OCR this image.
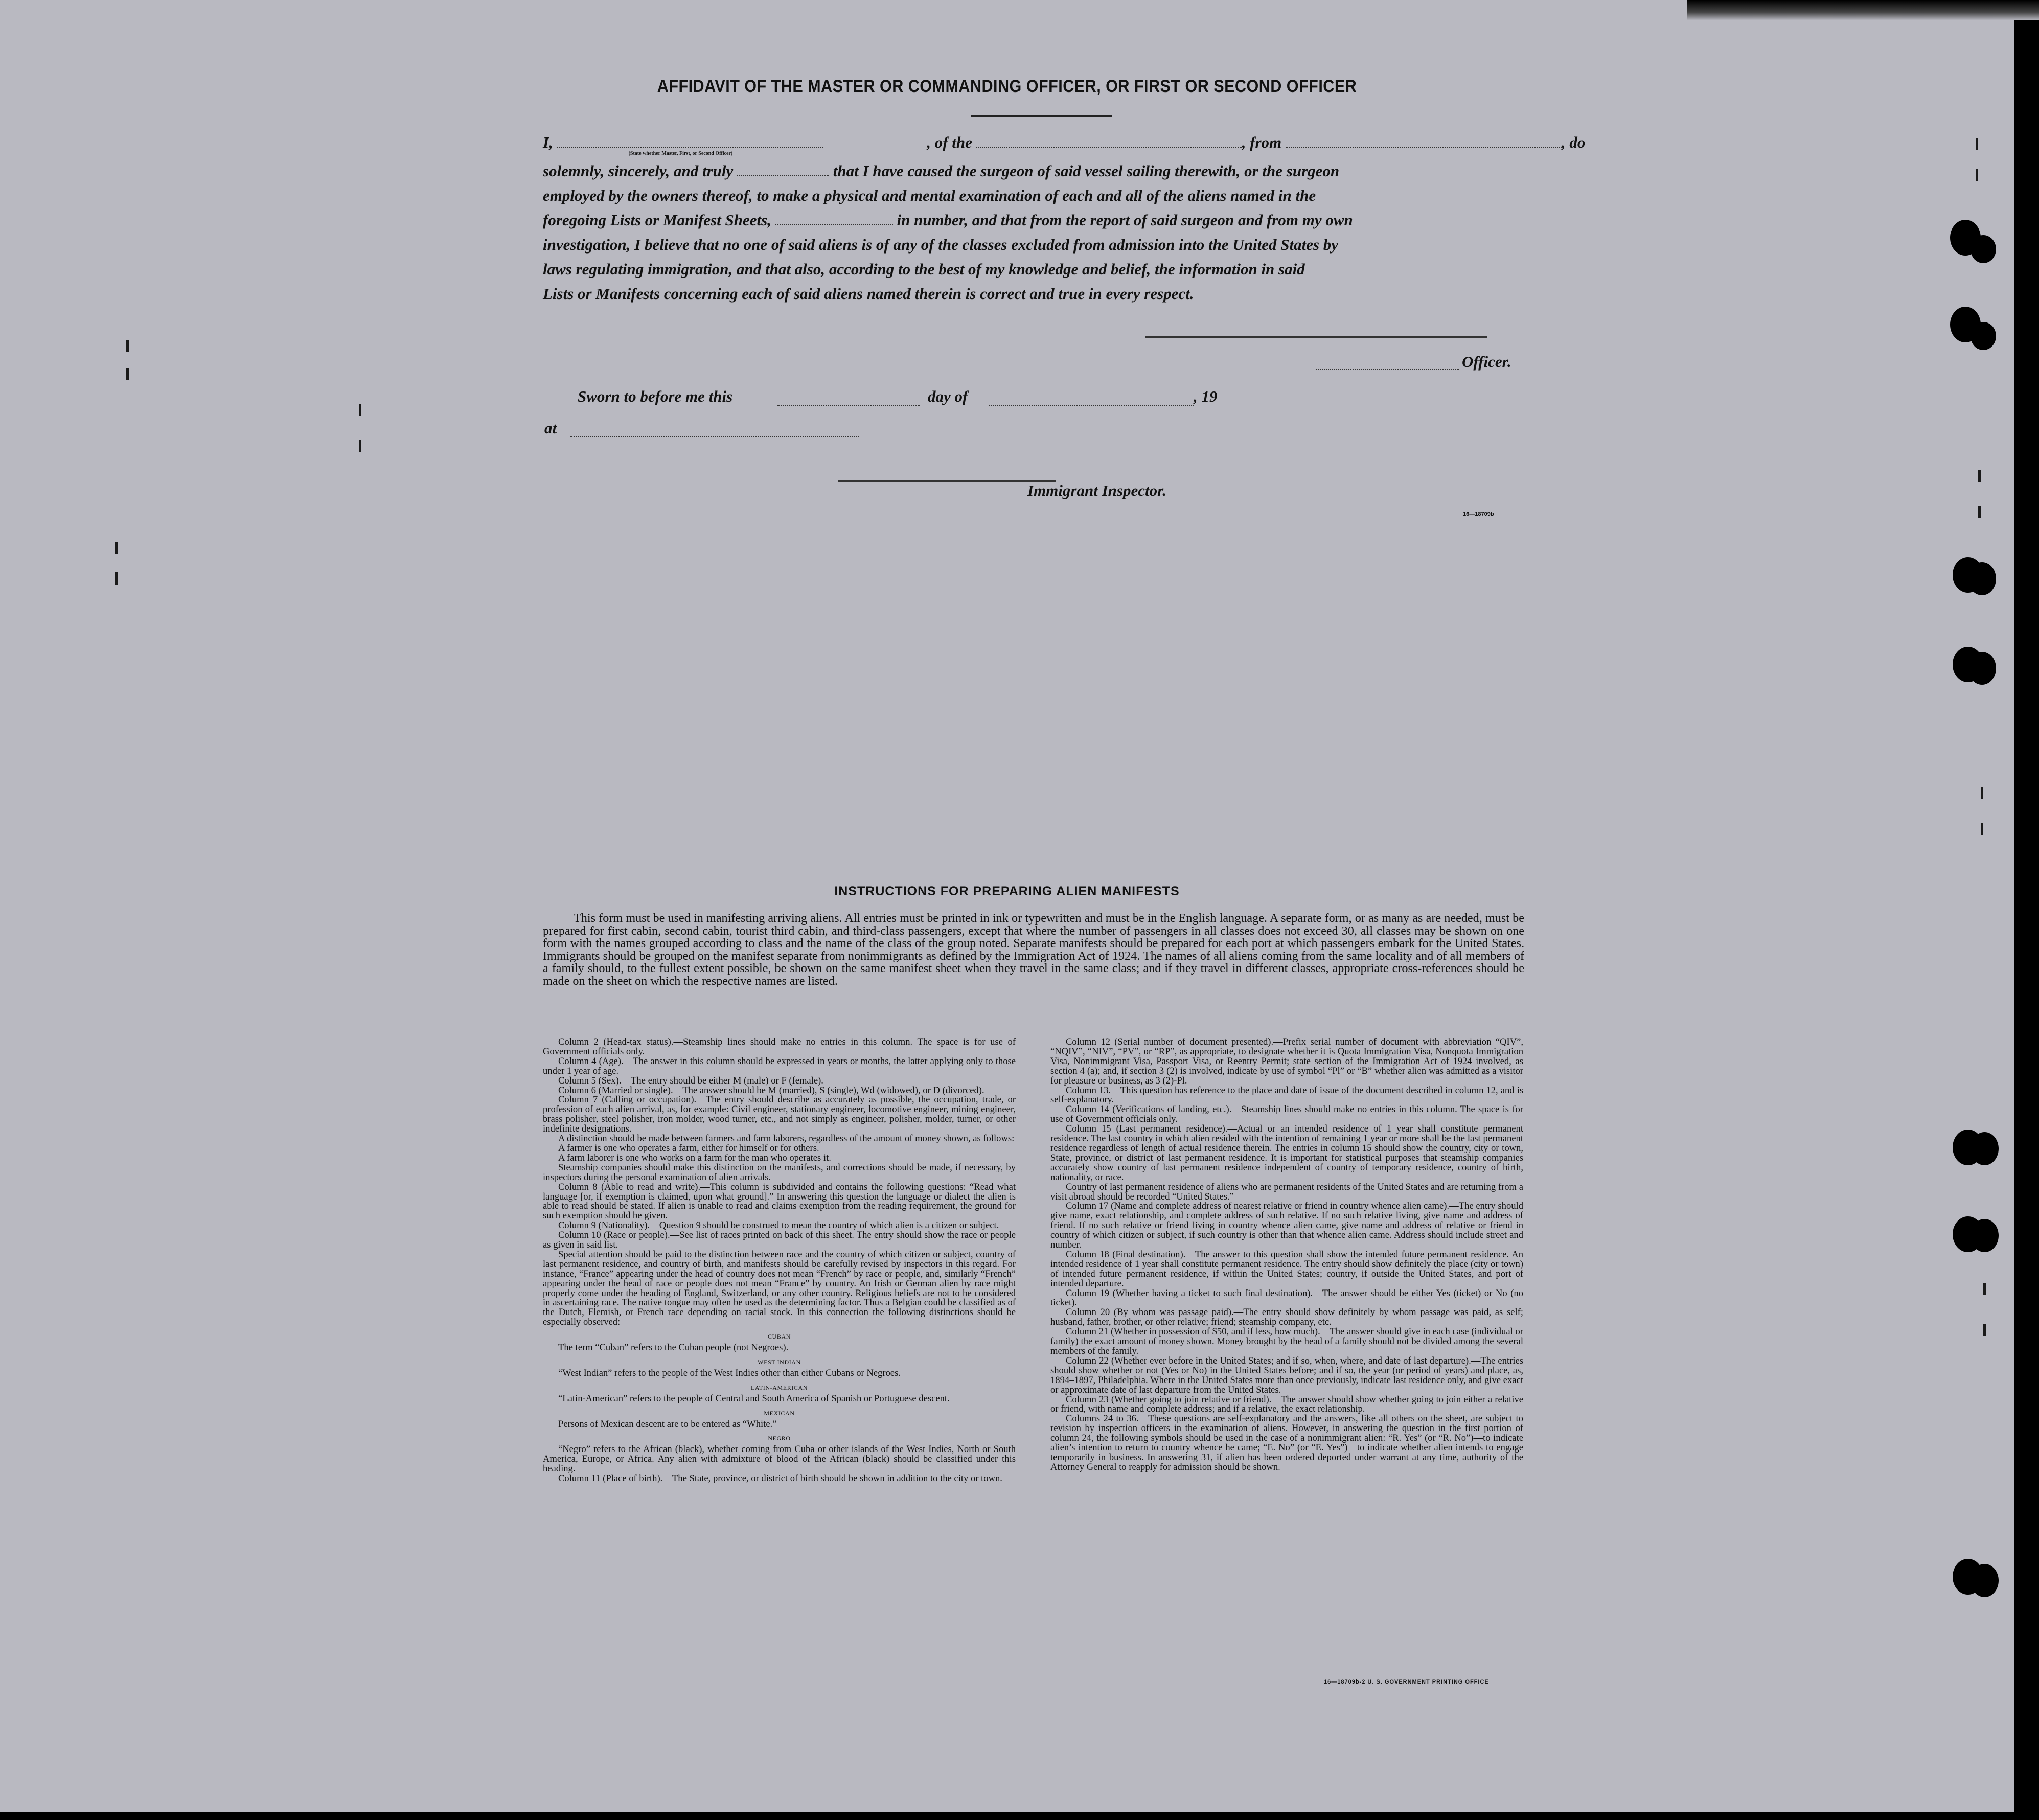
AFFIDAVIT OF THE MASTER OR COMMANDING OFFICER, OR FIRST OR SECOND OFFICER
I, $_{(State whether Master, First, or Second Officer)}$, of the	, from	, do
solemnly, sincerely, and truly	that I have caused the surgeon of said vessel sailing therewith, or the surgeon
employed by the owners thereof, to make a physical and mental examination of each and all of the aliens named in the
foregoing Lists or Manifest Sheets,	in number, and that from the report of said surgeon and from my own
investigation, I believe that no one of said aliens is of any of the classes excluded from admission into the United States by
laws regulating immigration, and that also, according to the best of my knowledge and belief, the information in said
Lists or Manifests concerning each of said aliens named therein is correct and true in every respect.
Officer.
Sworn to before me this	day of	, 19
at
Immigrant Inspector.
16—18709b
INSTRUCTIONS FOR PREPARING ALIEN MANIFESTS
This form must be used in manifesting arriving aliens. All entries must be printed in ink or typewritten and must be in the English language. A separate form, or as many as are needed, must be prepared for first cabin, second cabin, tourist third cabin, and third-class passengers, except that where the number of passengers in all classes does not exceed 30, all classes may be shown on one form with the names grouped according to class and the name of the class of the group noted. Separate manifests should be prepared for each port at which passengers embark for the United States. Immigrants should be grouped on the manifest separate from nonimmigrants as defined by the Immigration Act of 1924. The names of all aliens coming from the same locality and of all members of a family should, to the fullest extent possible, be shown on the same manifest sheet when they travel in the same class; and if they travel in different classes, appropriate cross-references should be made on the sheet on which the respective names are listed.

Column 2 (Head-tax status).—Steamship lines should make no entries in this column. The space is for use of Government officials only.

Column 4 (Age).—The answer in this column should be expressed in years or months, the latter applying only to those under 1 year of age.

Column 5 (Sex).—The entry should be either M (male) or F (female).

Column 6 (Married or single).—The answer should be M (married), S (single), Wd (widowed), or D (divorced).

Column 7 (Calling or occupation).—The entry should describe as accurately as possible, the occupation, trade, or profession of each alien arrival, as, for example: Civil engineer, stationary engineer, locomotive engineer, mining engineer, brass polisher, steel polisher, iron molder, wood turner, etc., and not simply as engineer, polisher, molder, turner, or other indefinite designations.

A distinction should be made between farmers and farm laborers, regardless of the amount of money shown, as follows:

A farmer is one who operates a farm, either for himself or for others.

A farm laborer is one who works on a farm for the man who operates it.

Steamship companies should make this distinction on the manifests, and corrections should be made, if necessary, by inspectors during the personal examination of alien arrivals.

Column 8 (Able to read and write).—This column is subdivided and contains the following questions: “Read what language [or, if exemption is claimed, upon what ground].” In answering this question the language or dialect the alien is able to read should be stated. If alien is unable to read and claims exemption from the reading requirement, the ground for such exemption should be given.

Column 9 (Nationality).—Question 9 should be construed to mean the country of which alien is a citizen or subject.

Column 10 (Race or people).—See list of races printed on back of this sheet. The entry should show the race or people as given in said list.

Special attention should be paid to the distinction between race and the country of which citizen or subject, country of last permanent residence, and country of birth, and manifests should be carefully revised by inspectors in this regard. For instance, “France” appearing under the head of country does not mean “French” by race or people, and, similarly “French” appearing under the head of race or people does not mean “France” by country. An Irish or German alien by race might properly come under the heading of England, Switzerland, or any other country. Religious beliefs are not to be considered in ascertaining race. The native tongue may often be used as the determining factor. Thus a Belgian could be classified as of the Dutch, Flemish, or French race depending on racial stock. In this connection the following distinctions should be especially observed:

CUBAN

The term “Cuban” refers to the Cuban people (not Negroes).

WEST INDIAN

“West Indian” refers to the people of the West Indies other than either Cubans or Negroes.

LATIN-AMERICAN

“Latin-American” refers to the people of Central and South America of Spanish or Portuguese descent.

MEXICAN

Persons of Mexican descent are to be entered as “White.”

NEGRO

“Negro” refers to the African (black), whether coming from Cuba or other islands of the West Indies, North or South America, Europe, or Africa. Any alien with admixture of blood of the African (black) should be classified under this heading.

Column 11 (Place of birth).—The State, province, or district of birth should be shown in addition to the city or town.

Column 12 (Serial number of document presented).—Prefix serial number of document with abbreviation “QIV”, “NQIV”, “NIV”, “PV”, or “RP”, as appropriate, to designate whether it is Quota Immigration Visa, Nonquota Immigration Visa, Nonimmigrant Visa, Passport Visa, or Reentry Permit; state section of the Immigration Act of 1924 involved, as section 4 (a); and, if section 3 (2) is involved, indicate by use of symbol “Pl” or “B” whether alien was admitted as a visitor for pleasure or business, as 3 (2)-Pl.

Column 13.—This question has reference to the place and date of issue of the document described in column 12, and is self-explanatory.

Column 14 (Verifications of landing, etc.).—Steamship lines should make no entries in this column. The space is for use of Government officials only.

Column 15 (Last permanent residence).—Actual or an intended residence of 1 year shall constitute permanent residence. The last country in which alien resided with the intention of remaining 1 year or more shall be the last permanent residence regardless of length of actual residence therein. The entries in column 15 should show the country, city or town, State, province, or district of last permanent residence. It is important for statistical purposes that steamship companies accurately show country of last permanent residence independent of country of temporary residence, country of birth, nationality, or race.

Country of last permanent residence of aliens who are permanent residents of the United States and are returning from a visit abroad should be recorded “United States.”

Column 17 (Name and complete address of nearest relative or friend in country whence alien came).—The entry should give name, exact relationship, and complete address of such relative. If no such relative living, give name and address of friend. If no such relative or friend living in country whence alien came, give name and address of relative or friend in country of which citizen or subject, if such country is other than that whence alien came. Address should include street and number.

Column 18 (Final destination).—The answer to this question shall show the intended future permanent residence. An intended residence of 1 year shall constitute permanent residence. The entry should show definitely the place (city or town) of intended future permanent residence, if within the United States; country, if outside the United States, and port of intended departure.

Column 19 (Whether having a ticket to such final destination).—The answer should be either Yes (ticket) or No (no ticket).

Column 20 (By whom was passage paid).—The entry should show definitely by whom passage was paid, as self; husband, father, brother, or other relative; friend; steamship company, etc.

Column 21 (Whether in possession of $50, and if less, how much).—The answer should give in each case (individual or family) the exact amount of money shown. Money brought by the head of a family should not be divided among the several members of the family.

Column 22 (Whether ever before in the United States; and if so, when, where, and date of last departure).—The entries should show whether or not (Yes or No) in the United States before; and if so, the year (or period of years) and place, as, 1894–1897, Philadelphia. Where in the United States more than once previously, indicate last residence only, and give exact or approximate date of last departure from the United States.

Column 23 (Whether going to join relative or friend).—The answer should show whether going to join either a relative or friend, with name and complete address; and if a relative, the exact relationship.

Columns 24 to 36.—These questions are self-explanatory and the answers, like all others on the sheet, are subject to revision by inspection officers in the examination of aliens. However, in answering the question in the first portion of column 24, the following symbols should be used in the case of a nonimmigrant alien: “R. Yes” (or “R. No”)—to indicate alien’s intention to return to country whence he came; “E. No” (or “E. Yes”)—to indicate whether alien intends to engage temporarily in business. In answering 31, if alien has been ordered deported under warrant at any time, authority of the Attorney General to reapply for admission should be shown.

16—18709b-2 U. S. GOVERNMENT PRINTING OFFICE
